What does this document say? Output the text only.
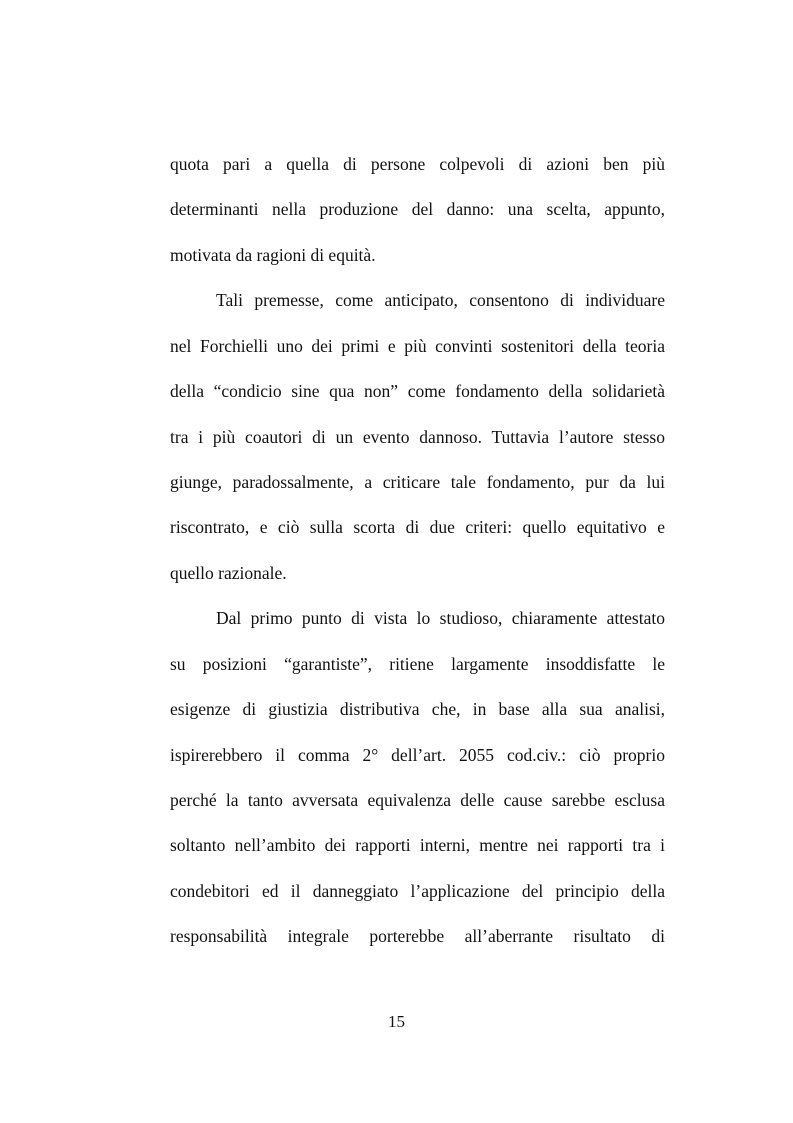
quota pari a quella di persone colpevoli di azioni ben più
determinanti nella produzione del danno: una scelta, appunto,
motivata da ragioni di equità.
Tali premesse, come anticipato, consentono di individuare
nel Forchielli uno dei primi e più convinti sostenitori della teoria
della “condicio sine qua non” come fondamento della solidarietà
tra i più coautori di un evento dannoso. Tuttavia l’autore stesso
giunge, paradossalmente, a criticare tale fondamento, pur da lui
riscontrato, e ciò sulla scorta di due criteri: quello equitativo e
quello razionale.
Dal primo punto di vista lo studioso, chiaramente attestato
su posizioni “garantiste”, ritiene largamente insoddisfatte le
esigenze di giustizia distributiva che, in base alla sua analisi,
ispirerebbero il comma 2° dell’art. 2055 cod.civ.: ciò proprio
perché la tanto avversata equivalenza delle cause sarebbe esclusa
soltanto nell’ambito dei rapporti interni, mentre nei rapporti tra i
condebitori ed il danneggiato l’applicazione del principio della
responsabilità integrale porterebbe all’aberrante risultato di
15
